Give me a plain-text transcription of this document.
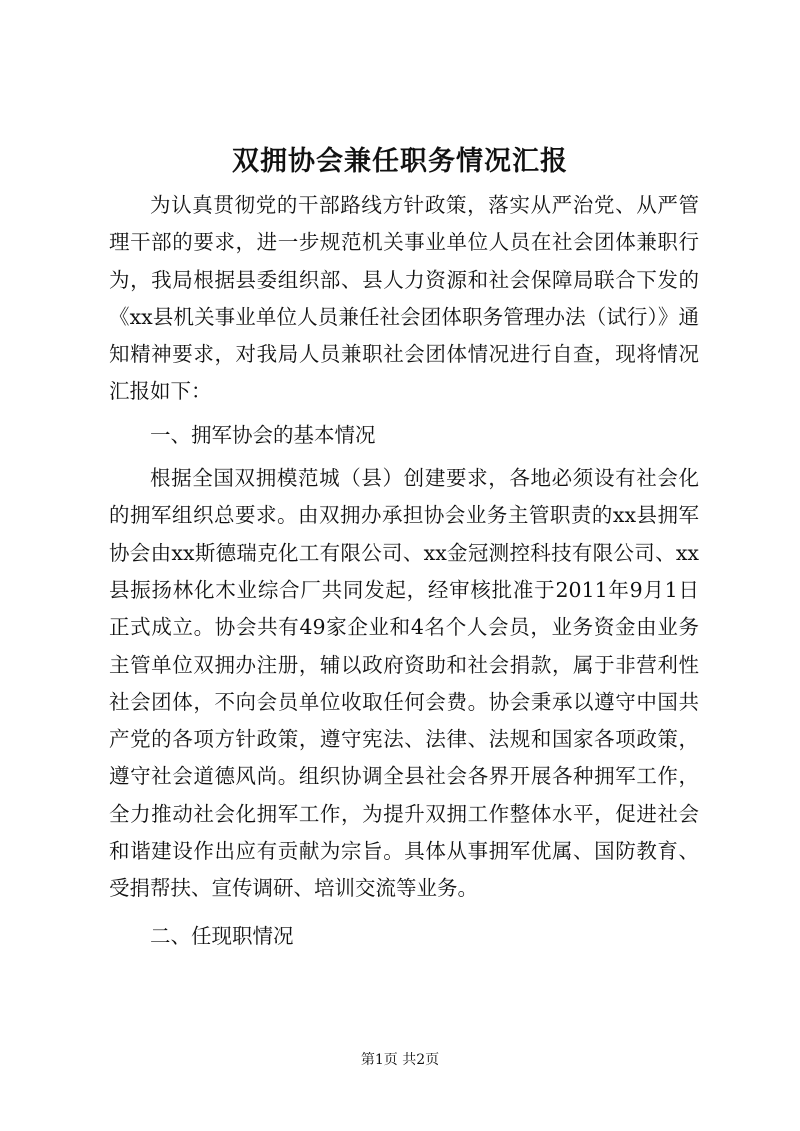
双拥协会兼任职务情况汇报

为认真贯彻党的干部路线方针政策，落实从严治党、从严管理干部的要求，进一步规范机关事业单位人员在社会团体兼职行为，我局根据县委组织部、县人力资源和社会保障局联合下发的《xx县机关事业单位人员兼任社会团体职务管理办法（试行）》通知精神要求，对我局人员兼职社会团体情况进行自查，现将情况汇报如下：

一、拥军协会的基本情况

根据全国双拥模范城（县）创建要求，各地必须设有社会化的拥军组织总要求。由双拥办承担协会业务主管职责的xx县拥军协会由xx斯德瑞克化工有限公司、xx金冠测控科技有限公司、xx县振扬林化木业综合厂共同发起，经审核批准于2011年9月1日正式成立。协会共有49家企业和4名个人会员，业务资金由业务主管单位双拥办注册，辅以政府资助和社会捐款，属于非营利性社会团体，不向会员单位收取任何会费。协会秉承以遵守中国共产党的各项方针政策，遵守宪法、法律、法规和国家各项政策，遵守社会道德风尚。组织协调全县社会各界开展各种拥军工作，全力推动社会化拥军工作，为提升双拥工作整体水平，促进社会和谐建设作出应有贡献为宗旨。具体从事拥军优属、国防教育、受捐帮扶、宣传调研、培训交流等业务。

二、任现职情况

第1页 共2页
